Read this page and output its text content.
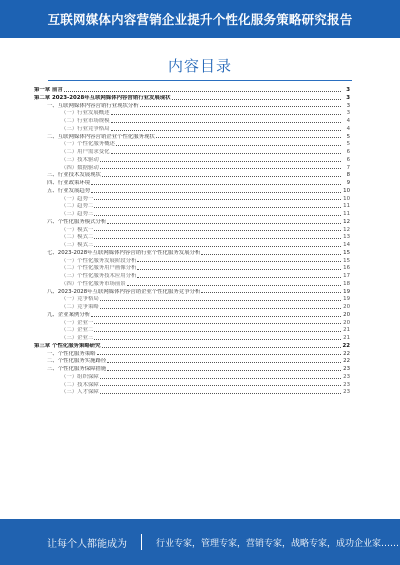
互联网媒体内容营销企业提升个性化服务策略研究报告
内容目录
第一章 前言	3
第二章 2023-2028年互联网媒体内容营销行业发展现状	3
一、互联网媒体内容营销行业现状分析	3
（一）行业发展概述	3
（二）行业市场规模	4
（三）行业竞争格局	4
二、互联网媒体内容营销企业个性化服务现状	5
（一）个性化服务概述	5
（二）用户需求变化	6
（三）技术驱动	6
（四）数据驱动	7
三、行业技术发展现状	8
四、行业政策环境	9
五、行业发展趋势	10
（一）趋势一	10
（二）趋势二	11
（三）趋势三	11
六、个性化服务模式分析	12
（一）模式一	12
（二）模式二	13
（三）模式三	14
七、2023-2028年互联网媒体内容营销行业个性化服务发展分析	15
（一）个性化服务发展阶段分析	15
（二）个性化服务用户画像分析	16
（三）个性化服务技术应用分析	17
（四）个性化服务市场前景	18
八、2023-2028年互联网媒体内容营销企业个性化服务竞争分析	19
（一）竞争格局	19
（二）竞争策略	20
九、企业案例分析	20
（一）企业一	20
（二）企业二	21
（三）企业三	21
第三章 个性化服务策略研究	22
一、个性化服务策略	22
二、个性化服务实施路径	22
三、个性化服务保障措施	23
（一）组织保障	23
（二）技术保障	23
（三）人才保障	23
让每个人都能成为	行业专家，管理专家，营销专家，战略专家，成功企业家……
